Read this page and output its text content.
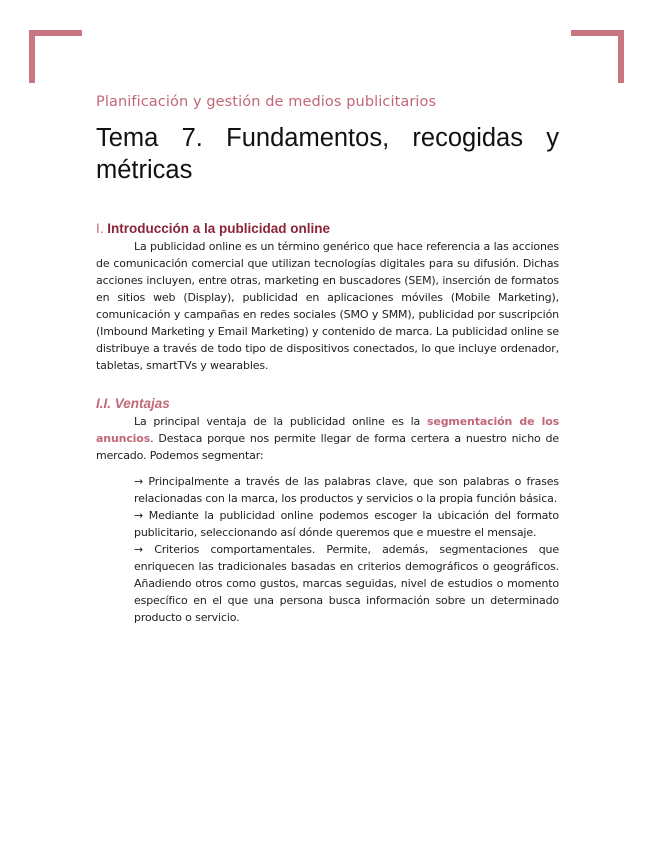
Planificación y gestión de medios publicitarios

Tema 7. Fundamentos, recogidas y métricas
I. Introducción a la publicidad online

La publicidad online es un término genérico que hace referencia a las acciones de comunicación comercial que utilizan tecnologías digitales para su difusión. Dichas acciones incluyen, entre otras, marketing en buscadores (SEM), inserción de formatos en sitios web (Display), publicidad en aplicaciones móviles (Mobile Marketing), comunicación y campañas en redes sociales (SMO y SMM), publicidad por suscripción (Imbound Marketing y Email Marketing) y contenido de marca. La publicidad online se distribuye a través de todo tipo de dispositivos conectados, lo que incluye ordenador, tabletas, smartTVs y wearables.

I.I. Ventajas

La principal ventaja de la publicidad online es la segmentación de los anuncios. Destaca porque nos permite llegar de forma certera a nuestro nicho de mercado. Podemos segmentar:

→ Principalmente a través de las palabras clave, que son palabras o frases relacionadas con la marca, los productos y servicios o la propia función básica.

→ Mediante la publicidad online podemos escoger la ubicación del formato publicitario, seleccionando así dónde queremos que e muestre el mensaje.

→ Criterios comportamentales. Permite, además, segmentaciones que enriquecen las tradicionales basadas en criterios demográficos o geográficos. Añadiendo otros como gustos, marcas seguidas, nivel de estudios o momento específico en el que una persona busca información sobre un determinado producto o servicio.
